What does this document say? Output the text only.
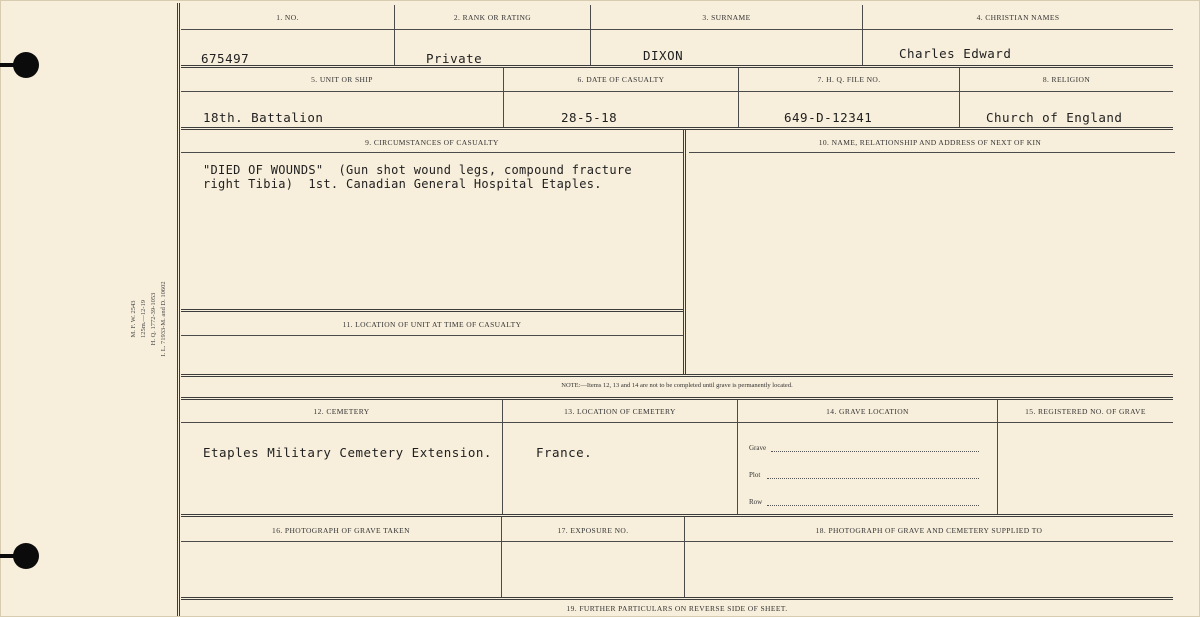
M. F. W. 2543 125m.—12-19 H. Q. 1772-39-1053 I. L. 71933-M. and D. 10602
1. NO.	2. RANK OR RATING	3. SURNAME	4. CHRISTIAN NAMES
675497	Private	DIXON	Charles Edward
5. UNIT OR SHIP	6. DATE OF CASUALTY	7. H. Q. FILE NO.	8. RELIGION
18th. Battalion	28-5-18	649-D-12341	Church of England
9. CIRCUMSTANCES OF CASUALTY	10. NAME, RELATIONSHIP AND ADDRESS OF NEXT OF KIN
"DIED OF WOUNDS"  (Gun shot wound legs, compound fracture
right Tibia)  1st. Canadian General Hospital Etaples.
11. LOCATION OF UNIT AT TIME OF CASUALTY
NOTE:—Items 12, 13 and 14 are not to be completed until grave is permanently located.
12. CEMETERY	13. LOCATION OF CEMETERY	14. GRAVE LOCATION	15. REGISTERED NO. OF GRAVE
Etaples Military Cemetery Extension.	France.	Grave
Plot
Row
16. PHOTOGRAPH OF GRAVE TAKEN	17. EXPOSURE NO.	18. PHOTOGRAPH OF GRAVE AND CEMETERY SUPPLIED TO
19. FURTHER PARTICULARS ON REVERSE SIDE OF SHEET.
